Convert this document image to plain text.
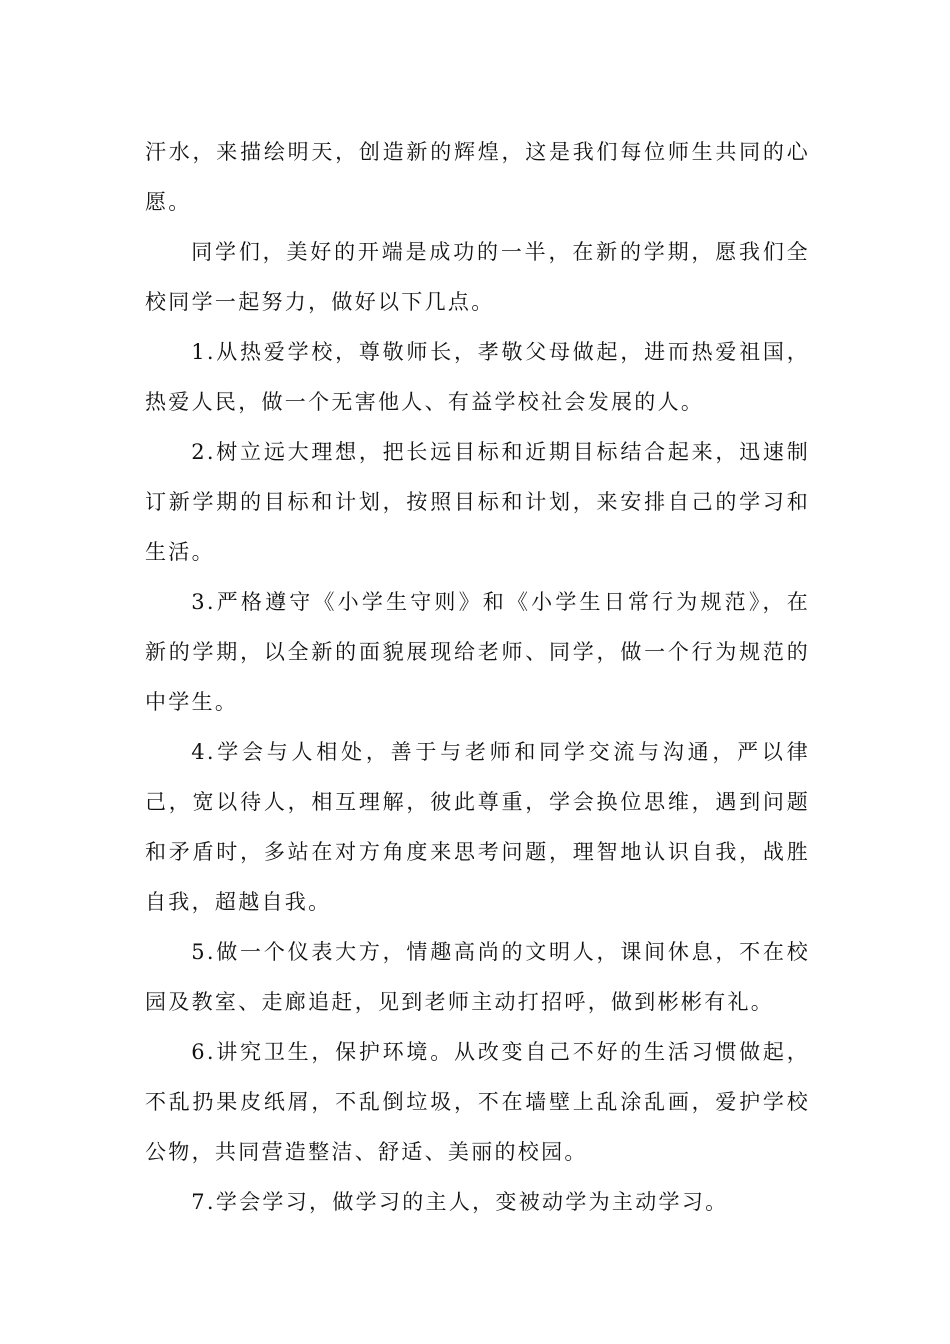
汗水，来描绘明天，创造新的辉煌，这是我们每位师生共同的心愿。

同学们，美好的开端是成功的一半，在新的学期，愿我们全校同学一起努力，做好以下几点。

1.从热爱学校，尊敬师长，孝敬父母做起，进而热爱祖国，热爱人民，做一个无害他人、有益学校社会发展的人。

2.树立远大理想，把长远目标和近期目标结合起来，迅速制订新学期的目标和计划，按照目标和计划，来安排自己的学习和生活。

3.严格遵守《小学生守则》和《小学生日常行为规范》，在新的学期，以全新的面貌展现给老师、同学，做一个行为规范的中学生。

4.学会与人相处，善于与老师和同学交流与沟通，严以律己，宽以待人，相互理解，彼此尊重，学会换位思维，遇到问题和矛盾时，多站在对方角度来思考问题，理智地认识自我，战胜自我，超越自我。

5.做一个仪表大方，情趣高尚的文明人，课间休息，不在校园及教室、走廊追赶，见到老师主动打招呼，做到彬彬有礼。

6.讲究卫生，保护环境。从改变自己不好的生活习惯做起，不乱扔果皮纸屑，不乱倒垃圾，不在墙壁上乱涂乱画，爱护学校公物，共同营造整洁、舒适、美丽的校园。

7.学会学习，做学习的主人，变被动学为主动学习。
